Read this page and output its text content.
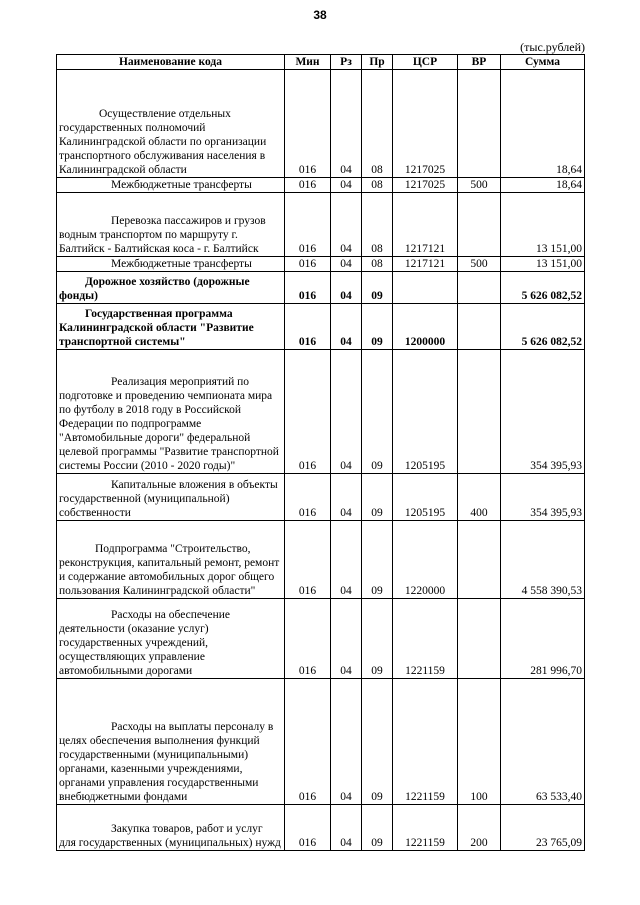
38
(тыс.рублей)
Наименование кода	Мин	Рз	Пр	ЦСР	ВР	Сумма
Осуществление отдельных государственных полномочий Калининградской области по организации транспортного обслуживания населения в Калининградской области	016	04	08	1217025		18,64
Межбюджетные трансферты	016	04	08	1217025	500	18,64
Перевозка пассажиров и грузов водным транспортом по маршруту г. Балтийск - Балтийская коса - г. Балтийск	016	04	08	1217121		13 151,00
Межбюджетные трансферты	016	04	08	1217121	500	13 151,00
Дорожное хозяйство (дорожные фонды)	016	04	09			5 626 082,52
Государственная программа Калининградской области "Развитие транспортной системы"	016	04	09	1200000		5 626 082,52
Реализация мероприятий по подготовке и проведению чемпионата мира по футболу в 2018 году в Российской Федерации по подпрограмме "Автомобильные дороги" федеральной целевой программы "Развитие транспортной системы России (2010 - 2020 годы)"	016	04	09	1205195		354 395,93
Капитальные вложения в объекты государственной (муниципальной) собственности	016	04	09	1205195	400	354 395,93
Подпрограмма "Строительство, реконструкция, капитальный ремонт, ремонт и содержание автомобильных дорог общего пользования Калининградской области"	016	04	09	1220000		4 558 390,53
Расходы на обеспечение деятельности (оказание услуг) государственных учреждений, осуществляющих управление автомобильными дорогами	016	04	09	1221159		281 996,70
Расходы на выплаты персоналу в целях обеспечения выполнения функций государственными (муниципальными) органами, казенными учреждениями, органами управления государственными внебюджетными фондами	016	04	09	1221159	100	63 533,40
Закупка товаров, работ и услуг для государственных (муниципальных) нужд	016	04	09	1221159	200	23 765,09
